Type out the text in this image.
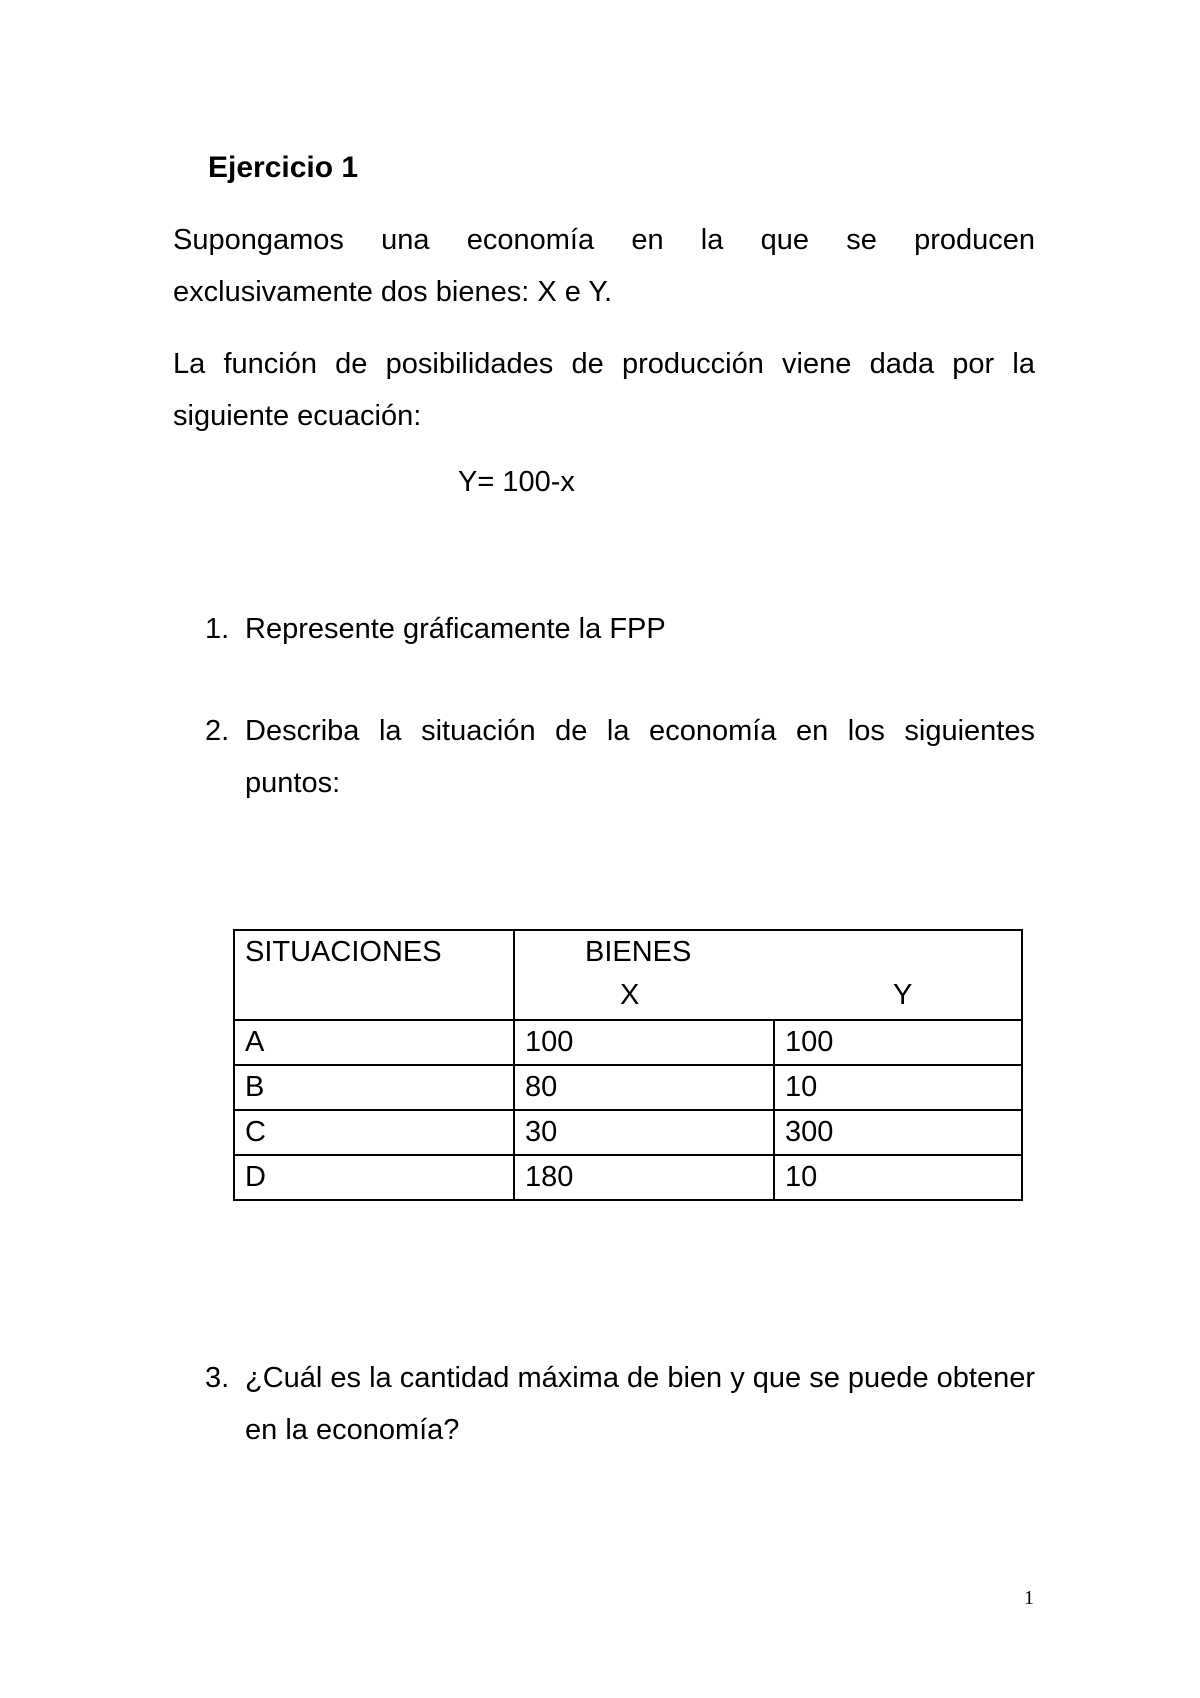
Ejercicio 1
Supongamos una economía en la que se producen exclusivamente dos bienes: X e Y.
La función de posibilidades de producción viene dada por la siguiente ecuación:
Y= 100-x
1. Represente gráficamente la FPP
2. Describa la situación de la economía en los siguientes puntos:
SITUACIONES	BIENES
X Y	

A	100	100
B	80	10
C	30	300
D	180	10
3. ¿Cuál es la cantidad máxima de bien y que se puede obtener en la economía?
1
